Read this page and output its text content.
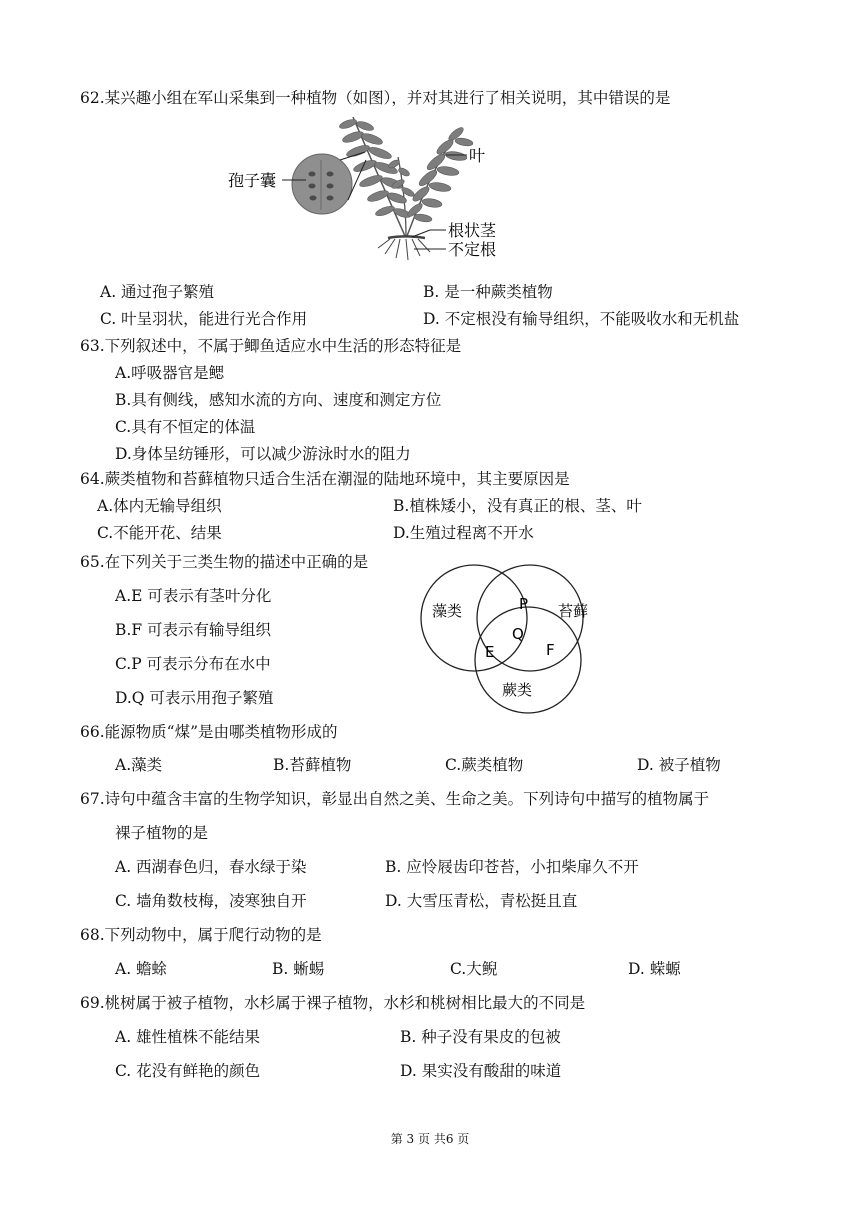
62.某兴趣小组在军山采集到一种植物（如图），并对其进行了相关说明，其中错误的是
孢子囊
叶
根状茎
不定根
A. 通过孢子繁殖	B. 是一种蕨类植物
C. 叶呈羽状，能进行光合作用	D. 不定根没有输导组织，不能吸收水和无机盐
63.下列叙述中，不属于鲫鱼适应水中生活的形态特征是
A.呼吸器官是鳃
B.具有侧线，感知水流的方向、速度和测定方位
C.具有不恒定的体温
D.身体呈纺锤形，可以减少游泳时水的阻力
64.蕨类植物和苔藓植物只适合生活在潮湿的陆地环境中，其主要原因是
A.体内无输导组织	B.植株矮小，没有真正的根、茎、叶
C.不能开花、结果	D.生殖过程离不开水
65.在下列关于三类生物的描述中正确的是
A.E 可表示有茎叶分化
B.F 可表示有输导组织
C.P 可表示分布在水中
D.Q 可表示用孢子繁殖
藻类	苔藓
蕨类
P
Q
E	F
66.能源物质“煤”是由哪类植物形成的
A.藻类	B.苔藓植物	C.蕨类植物	D. 被子植物
67.诗句中蕴含丰富的生物学知识，彰显出自然之美、生命之美。下列诗句中描写的植物属于
裸子植物的是
A. 西湖春色归，春水绿于染	B. 应怜屐齿印苍苔，小扣柴扉久不开
C. 墙角数枝梅，凌寒独自开	D. 大雪压青松，青松挺且直
68.下列动物中，属于爬行动物的是
A. 蟾蜍	B. 蜥蜴	C.大鲵	D. 蝾螈
69.桃树属于被子植物，水杉属于裸子植物，水杉和桃树相比最大的不同是
A. 雄性植株不能结果	B. 种子没有果皮的包被
C. 花没有鲜艳的颜色	D. 果实没有酸甜的味道
第 3 页 共6 页
